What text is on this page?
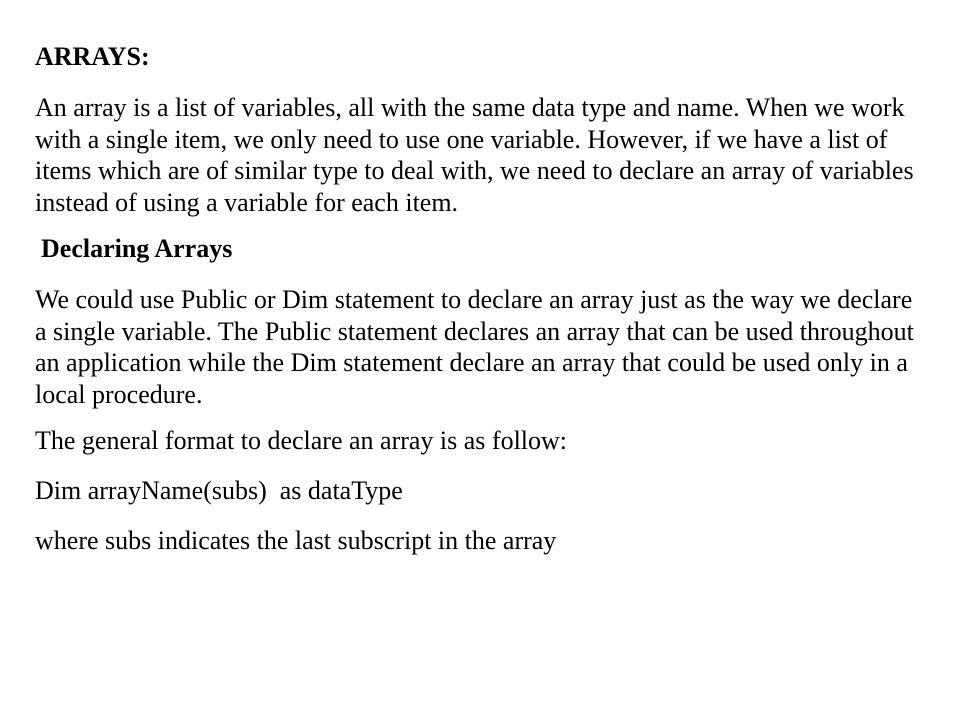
ARRAYS:
An array is a list of variables, all with the same data type and name. When we work with a single item, we only need to use one variable. However, if we have a list of items which are of similar type to deal with, we need to declare an array of variables instead of using a variable for each item.
Declaring Arrays
We could use Public or Dim statement to declare an array just as the way we declare a single variable. The Public statement declares an array that can be used throughout an application while the Dim statement declare an array that could be used only in a local procedure.
The general format to declare an array is as follow:
Dim arrayName(subs)  as dataType
where subs indicates the last subscript in the array
